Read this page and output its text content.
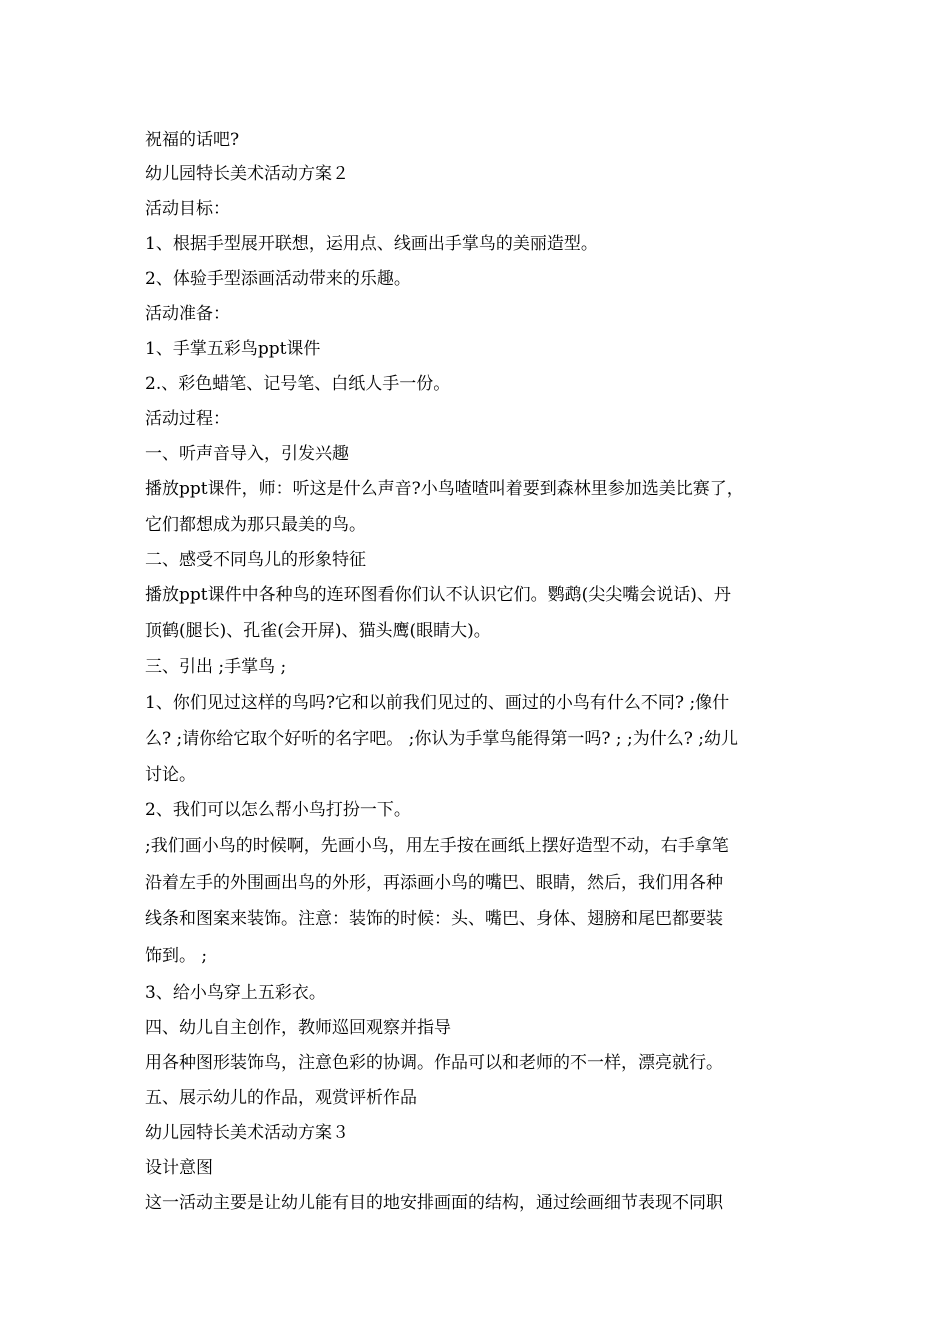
祝福的话吧?
幼儿园特长美术活动方案２
活动目标：
1、根据手型展开联想，运用点、线画出手掌鸟的美丽造型。
2、体验手型添画活动带来的乐趣。
活动准备：
1、手掌五彩鸟ppt课件
2.、彩色蜡笔、记号笔、白纸人手一份。
活动过程：
一、听声音导入，引发兴趣
播放ppt课件，师：听这是什么声音?小鸟喳喳叫着要到森林里参加选美比赛了，
它们都想成为那只最美的鸟。
二、感受不同鸟儿的形象特征
播放ppt课件中各种鸟的连环图看你们认不认识它们。鹦鹉(尖尖嘴会说话)、丹
顶鹤(腿长)、孔雀(会开屏)、猫头鹰(眼睛大)。
三、引出 ;手掌鸟 ;
1、你们见过这样的鸟吗?它和以前我们见过的、画过的小鸟有什么不同? ;像什
么? ;请你给它取个好听的名字吧。 ;你认为手掌鸟能得第一吗? ; ;为什么? ;幼儿
讨论。
2、我们可以怎么帮小鸟打扮一下。
;我们画小鸟的时候啊，先画小鸟，用左手按在画纸上摆好造型不动，右手拿笔
沿着左手的外围画出鸟的外形，再添画小鸟的嘴巴、眼睛，然后，我们用各种
线条和图案来装饰。注意：装饰的时候：头、嘴巴、身体、翅膀和尾巴都要装
饰到。 ;
3、给小鸟穿上五彩衣。
四、幼儿自主创作，教师巡回观察并指导
用各种图形装饰鸟，注意色彩的协调。作品可以和老师的不一样，漂亮就行。
五、展示幼儿的作品，观赏评析作品
幼儿园特长美术活动方案３
设计意图
这一活动主要是让幼儿能有目的地安排画面的结构，通过绘画细节表现不同职
